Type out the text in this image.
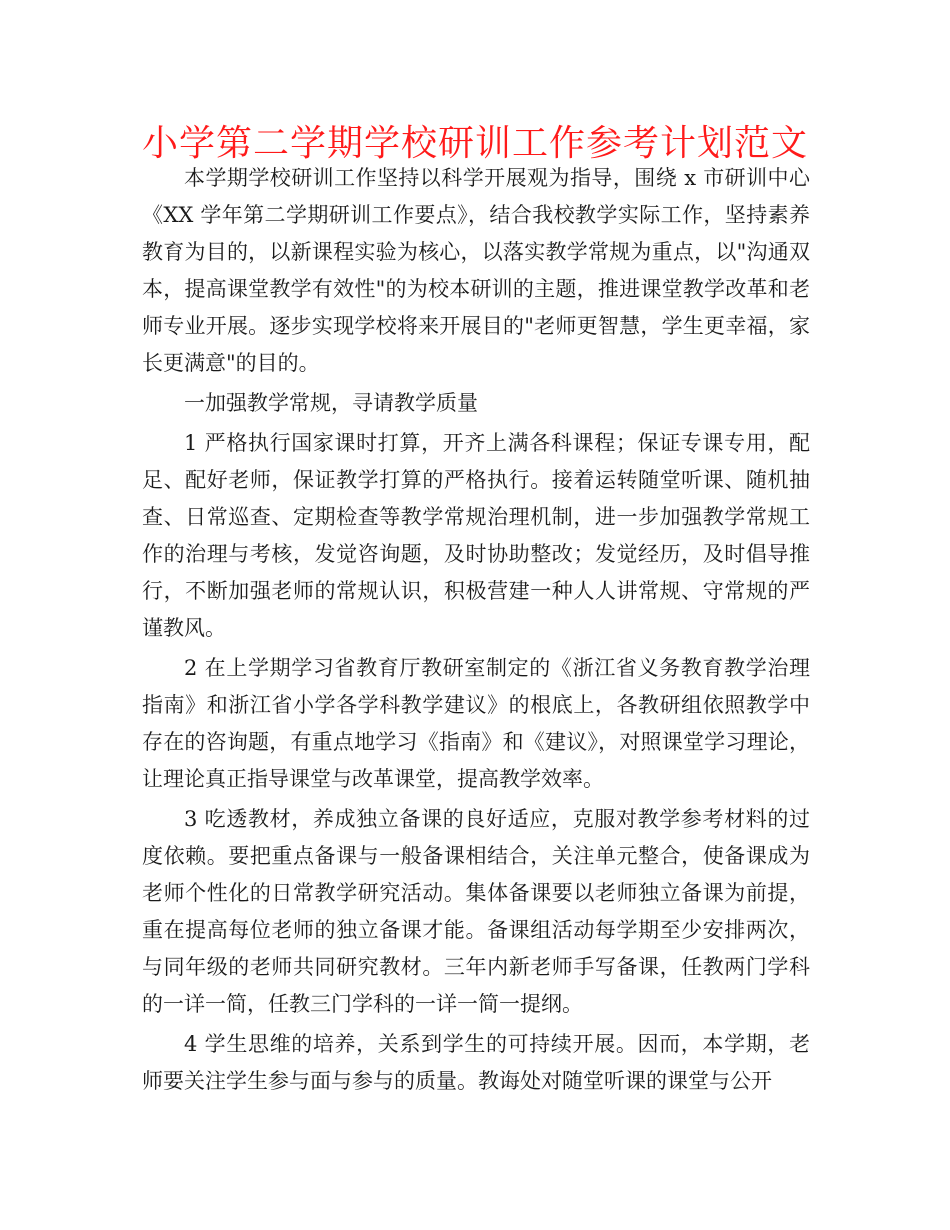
小学第二学期学校研训工作参考计划范文

本学期学校研训工作坚持以科学开展观为指导，围绕 x 市研训中心《XX 学年第二学期研训工作要点》，结合我校教学实际工作，坚持素养教育为目的，以新课程实验为核心，以落实教学常规为重点，以"沟通双本，提高课堂教学有效性"的为校本研训的主题，推进课堂教学改革和老师专业开展。逐步实现学校将来开展目的"老师更智慧，学生更幸福，家长更满意"的目的。

一加强教学常规，寻请教学质量

1 严格执行国家课时打算，开齐上满各科课程；保证专课专用，配足、配好老师，保证教学打算的严格执行。接着运转随堂听课、随机抽查、日常巡查、定期检查等教学常规治理机制，进一步加强教学常规工作的治理与考核，发觉咨询题，及时协助整改；发觉经历，及时倡导推行，不断加强老师的常规认识，积极营建一种人人讲常规、守常规的严谨教风。

2 在上学期学习省教育厅教研室制定的《浙江省义务教育教学治理指南》和浙江省小学各学科教学建议》的根底上，各教研组依照教学中存在的咨询题，有重点地学习《指南》和《建议》，对照课堂学习理论，让理论真正指导课堂与改革课堂，提高教学效率。

3 吃透教材，养成独立备课的良好适应，克服对教学参考材料的过度依赖。要把重点备课与一般备课相结合，关注单元整合，使备课成为老师个性化的日常教学研究活动。集体备课要以老师独立备课为前提，重在提高每位老师的独立备课才能。备课组活动每学期至少安排两次，与同年级的老师共同研究教材。三年内新老师手写备课，任教两门学科的一详一简，任教三门学科的一详一简一提纲。

4 学生思维的培养，关系到学生的可持续开展。因而，本学期，老师要关注学生参与面与参与的质量。教诲处对随堂听课的课堂与公开
